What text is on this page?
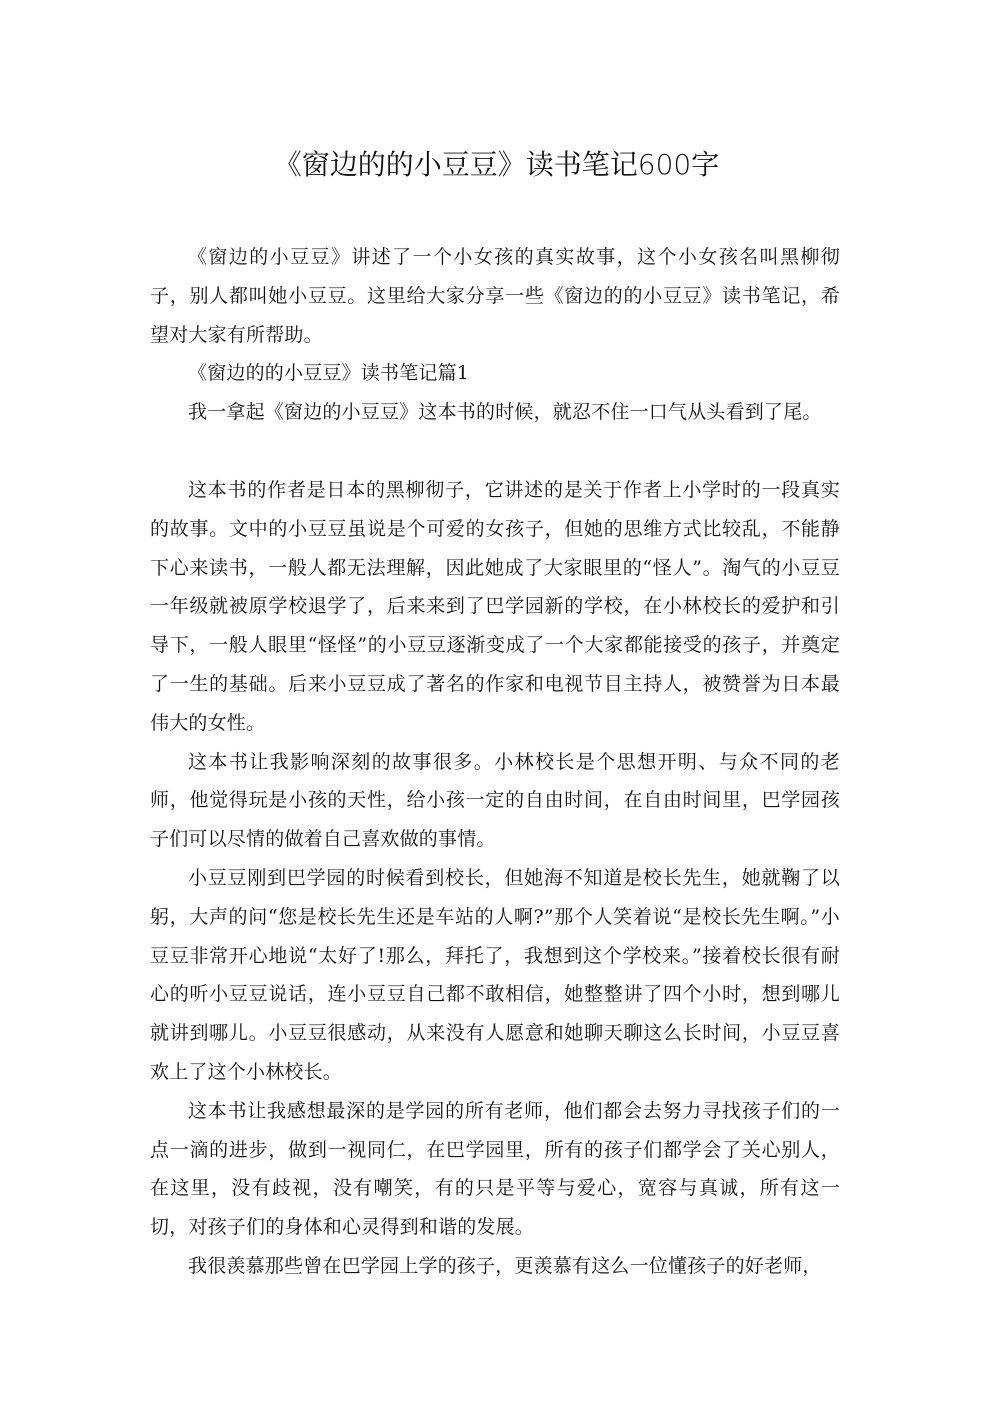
《窗边的的小豆豆》读书笔记600字

《窗边的小豆豆》讲述了一个小女孩的真实故事，这个小女孩名叫黑柳彻子，别人都叫她小豆豆。这里给大家分享一些《窗边的的小豆豆》读书笔记，希望对大家有所帮助。

《窗边的的小豆豆》读书笔记篇1

我一拿起《窗边的小豆豆》这本书的时候，就忍不住一口气从头看到了尾。

这本书的作者是日本的黑柳彻子，它讲述的是关于作者上小学时的一段真实的故事。文中的小豆豆虽说是个可爱的女孩子，但她的思维方式比较乱，不能静下心来读书，一般人都无法理解，因此她成了大家眼里的“怪人”。淘气的小豆豆一年级就被原学校退学了，后来来到了巴学园新的学校，在小林校长的爱护和引导下，一般人眼里“怪怪”的小豆豆逐渐变成了一个大家都能接受的孩子，并奠定了一生的基础。后来小豆豆成了著名的作家和电视节目主持人，被赞誉为日本最伟大的女性。

这本书让我影响深刻的故事很多。小林校长是个思想开明、与众不同的老师，他觉得玩是小孩的天性，给小孩一定的自由时间，在自由时间里，巴学园孩子们可以尽情的做着自己喜欢做的事情。

小豆豆刚到巴学园的时候看到校长，但她海不知道是校长先生，她就鞠了以躬，大声的问“您是校长先生还是车站的人啊?”那个人笑着说“是校长先生啊。”小豆豆非常开心地说“太好了!那么，拜托了，我想到这个学校来。”接着校长很有耐心的听小豆豆说话，连小豆豆自己都不敢相信，她整整讲了四个小时，想到哪儿就讲到哪儿。小豆豆很感动，从来没有人愿意和她聊天聊这么长时间，小豆豆喜欢上了这个小林校长。

这本书让我感想最深的是学园的所有老师，他们都会去努力寻找孩子们的一点一滴的进步，做到一视同仁，在巴学园里，所有的孩子们都学会了关心别人，在这里，没有歧视，没有嘲笑，有的只是平等与爱心，宽容与真诚，所有这一切，对孩子们的身体和心灵得到和谐的发展。

我很羡慕那些曾在巴学园上学的孩子，更羡慕有这么一位懂孩子的好老师，
